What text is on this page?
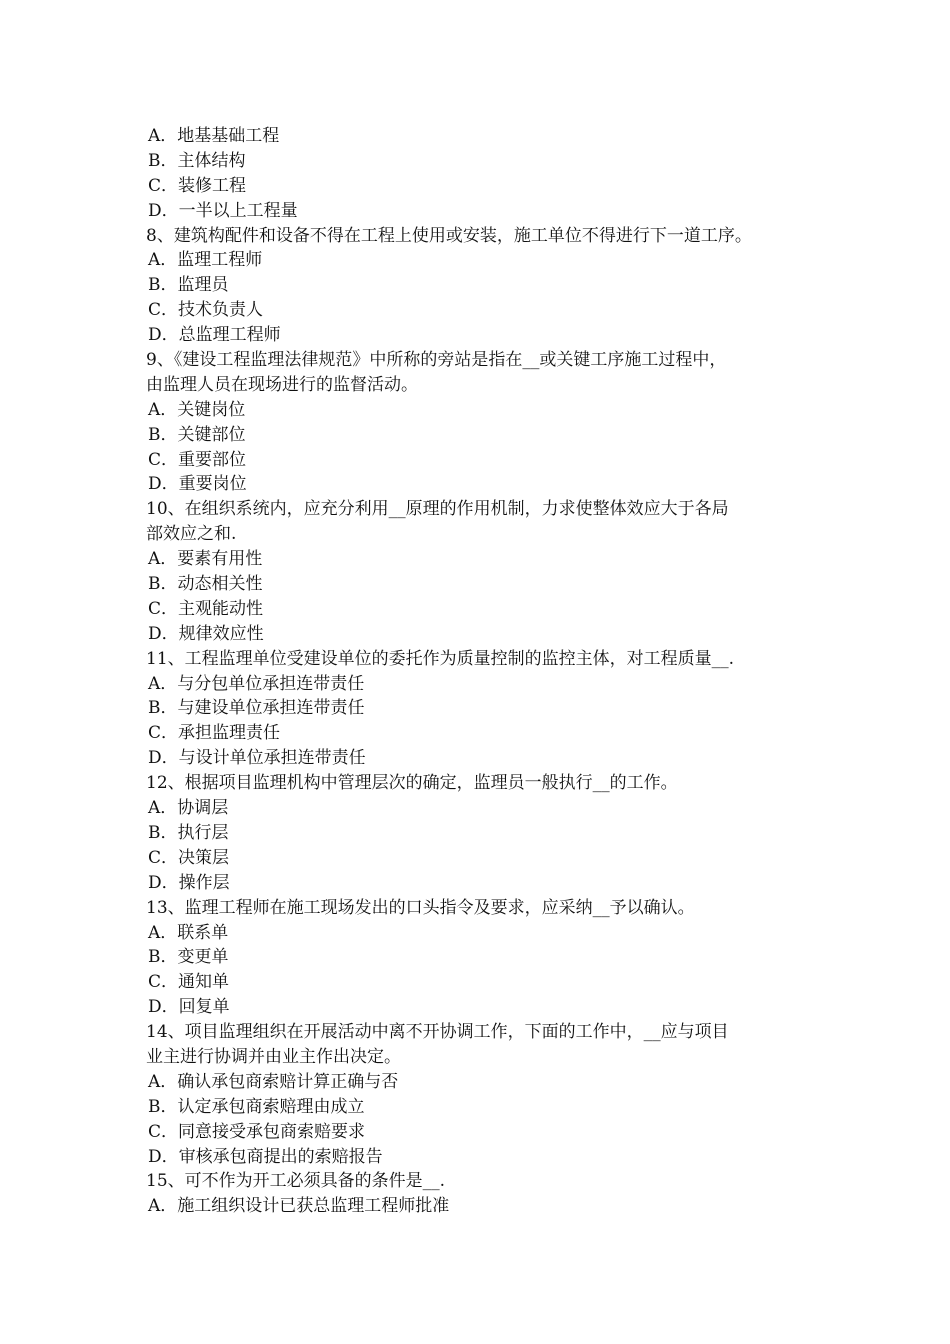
A．地基基础工程
B．主体结构
C．装修工程
D．一半以上工程量
8、建筑构配件和设备不得在工程上使用或安装，施工单位不得进行下一道工序。
A．监理工程师
B．监理员
C．技术负责人
D．总监理工程师
9、《建设工程监理法律规范》中所称的旁站是指在__或关键工序施工过程中，
由监理人员在现场进行的监督活动。
A．关键岗位
B．关键部位
C．重要部位
D．重要岗位
10、在组织系统内，应充分利用__原理的作用机制，力求使整体效应大于各局
部效应之和.
A．要素有用性
B．动态相关性
C．主观能动性
D．规律效应性
11、工程监理单位受建设单位的委托作为质量控制的监控主体，对工程质量__.
A．与分包单位承担连带责任
B．与建设单位承担连带责任
C．承担监理责任
D．与设计单位承担连带责任
12、根据项目监理机构中管理层次的确定，监理员一般执行__的工作。
A．协调层
B．执行层
C．决策层
D．操作层
13、监理工程师在施工现场发出的口头指令及要求，应采纳__予以确认。
A．联系单
B．变更单
C．通知单
D．回复单
14、项目监理组织在开展活动中离不开协调工作，下面的工作中，__应与项目
业主进行协调并由业主作出决定。
A．确认承包商索赔计算正确与否
B．认定承包商索赔理由成立
C．同意接受承包商索赔要求
D．审核承包商提出的索赔报告
15、可不作为开工必须具备的条件是__.
A．施工组织设计已获总监理工程师批准
